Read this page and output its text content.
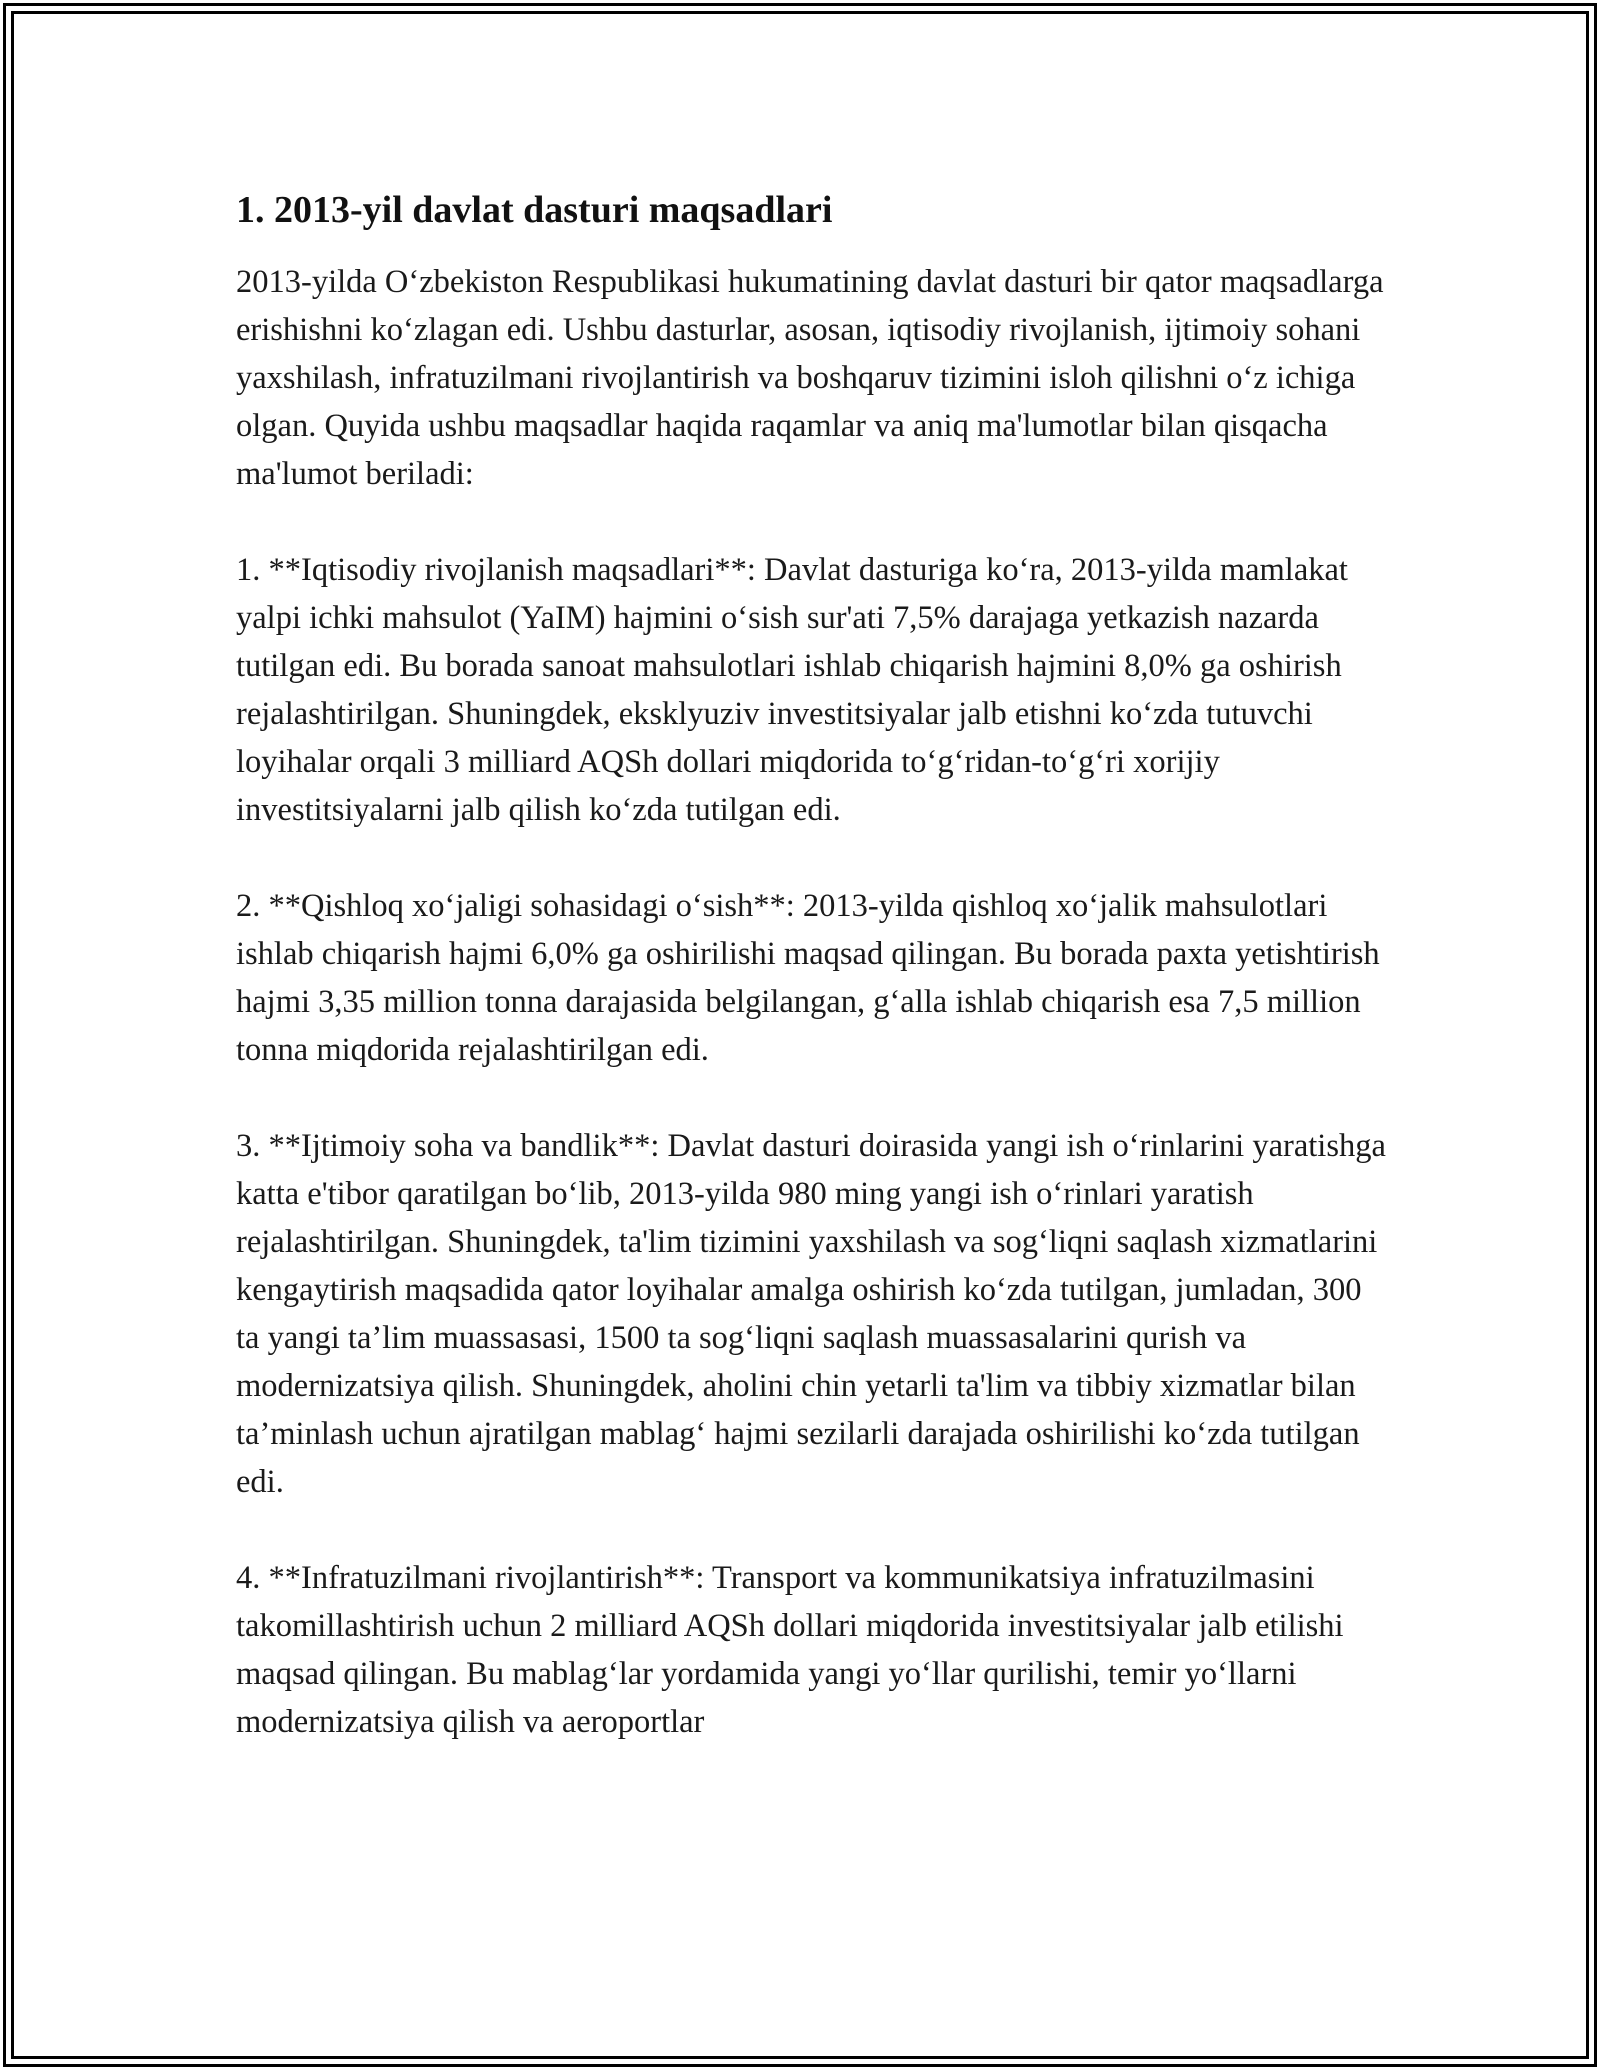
1. 2013-yil davlat dasturi maqsadlari

2013-yilda O‘zbekiston Respublikasi hukumatining davlat dasturi bir qator maqsadlarga erishishni ko‘zlagan edi. Ushbu dasturlar, asosan, iqtisodiy rivojlanish, ijtimoiy sohani yaxshilash, infratuzilmani rivojlantirish va boshqaruv tizimini isloh qilishni o‘z ichiga olgan. Quyida ushbu maqsadlar haqida raqamlar va aniq ma'lumotlar bilan qisqacha ma'lumot beriladi:

1. **Iqtisodiy rivojlanish maqsadlari**: Davlat dasturiga ko‘ra, 2013-yilda mamlakat yalpi ichki mahsulot (YaIM) hajmini o‘sish sur'ati 7,5% darajaga yetkazish nazarda tutilgan edi. Bu borada sanoat mahsulotlari ishlab chiqarish hajmini 8,0% ga oshirish rejalashtirilgan. Shuningdek, eksklyuziv investitsiyalar jalb etishni ko‘zda tutuvchi loyihalar orqali 3 milliard AQSh dollari miqdorida to‘g‘ridan-to‘g‘ri xorijiy investitsiyalarni jalb qilish ko‘zda tutilgan edi.

2. **Qishloq xo‘jaligi sohasidagi o‘sish**: 2013-yilda qishloq xo‘jalik mahsulotlari ishlab chiqarish hajmi 6,0% ga oshirilishi maqsad qilingan. Bu borada paxta yetishtirish hajmi 3,35 million tonna darajasida belgilangan, g‘alla ishlab chiqarish esa 7,5 million tonna miqdorida rejalashtirilgan edi.

3. **Ijtimoiy soha va bandlik**: Davlat dasturi doirasida yangi ish o‘rinlarini yaratishga katta e'tibor qaratilgan bo‘lib, 2013-yilda 980 ming yangi ish o‘rinlari yaratish rejalashtirilgan. Shuningdek, ta'lim tizimini yaxshilash va sog‘liqni saqlash xizmatlarini kengaytirish maqsadida qator loyihalar amalga oshirish ko‘zda tutilgan, jumladan, 300 ta yangi ta’lim muassasasi, 1500 ta sog‘liqni saqlash muassasalarini qurish va modernizatsiya qilish. Shuningdek, aholini chin yetarli ta'lim va tibbiy xizmatlar bilan ta’minlash uchun ajratilgan mablag‘ hajmi sezilarli darajada oshirilishi ko‘zda tutilgan edi.

4. **Infratuzilmani rivojlantirish**: Transport va kommunikatsiya infratuzilmasini takomillashtirish uchun 2 milliard AQSh dollari miqdorida investitsiyalar jalb etilishi maqsad qilingan. Bu mablag‘lar yordamida yangi yo‘llar qurilishi, temir yo‘llarni modernizatsiya qilish va aeroportlar
